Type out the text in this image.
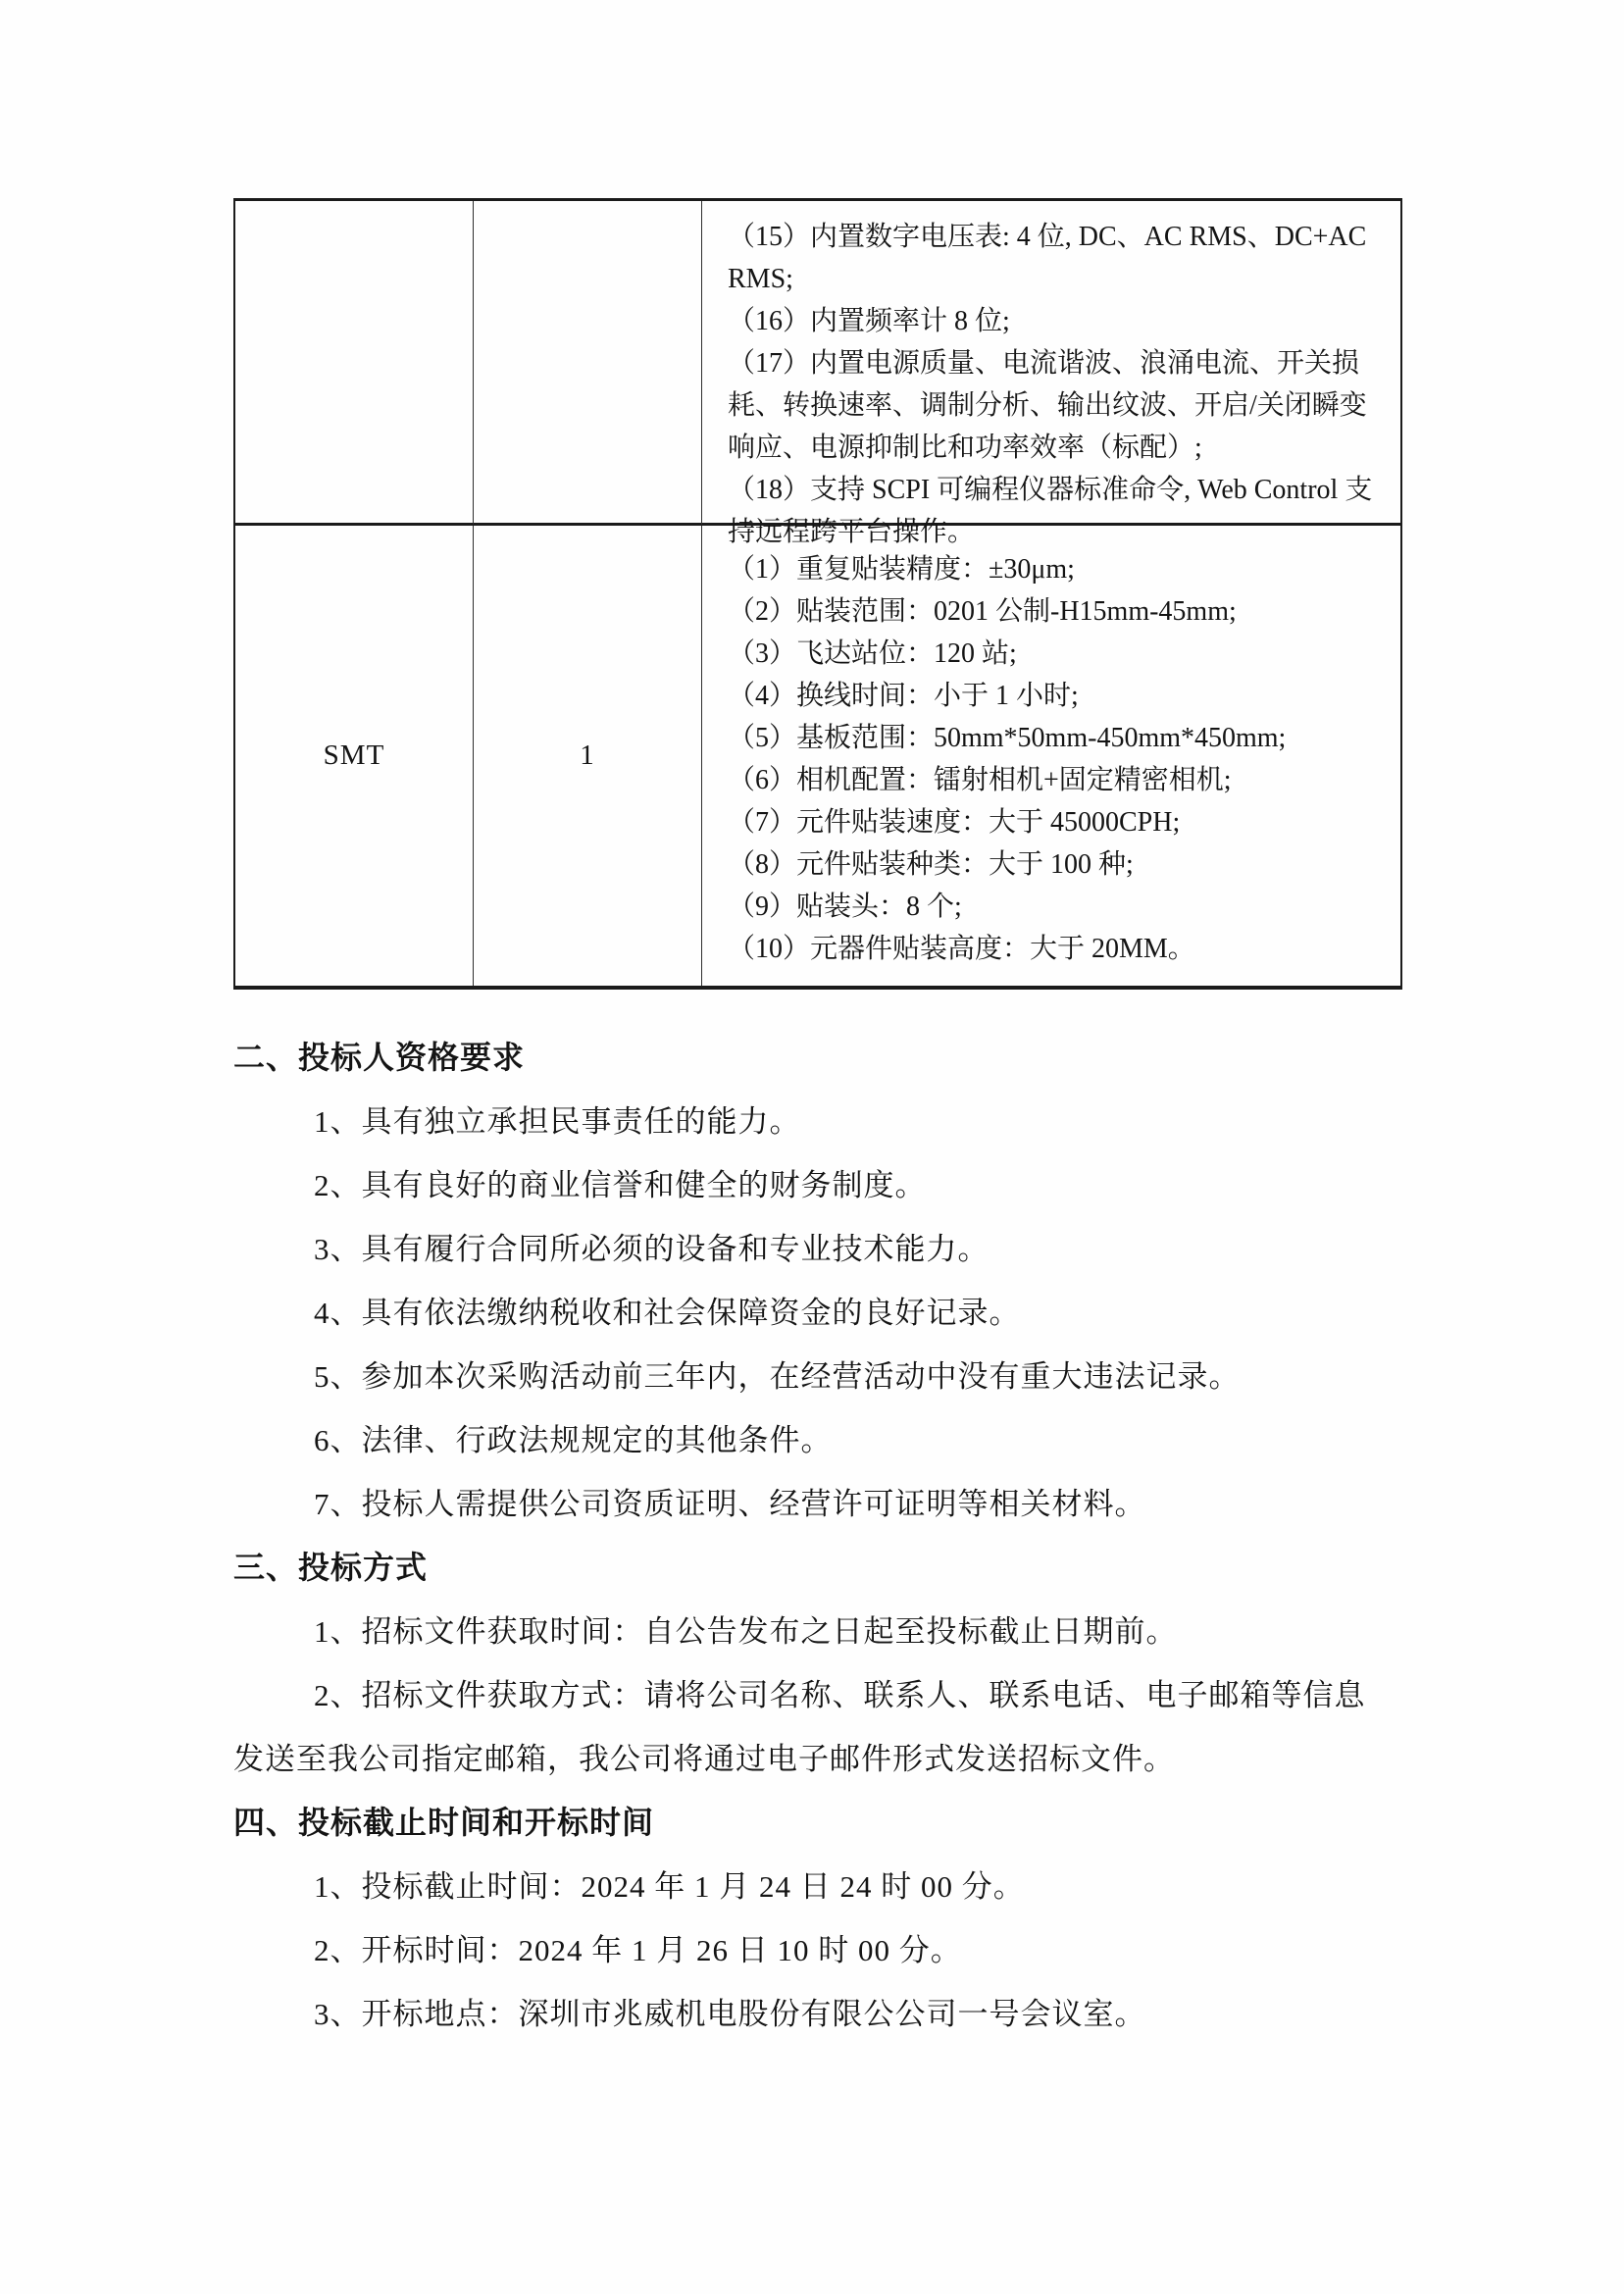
（15）内置数字电压表: 4 位, DC、AC RMS、DC+AC RMS;

（16）内置频率计 8 位;

（17）内置电源质量、电流谐波、浪涌电流、开关损耗、转换速率、调制分析、输出纹波、开启/关闭瞬变响应、电源抑制比和功率效率（标配）;

（18）支持 SCPI 可编程仪器标准命令, Web Control 支持远程跨平台操作。

SMT	1

（1）重复贴装精度：±30μm;

（2）贴装范围：0201 公制-H15mm-45mm;

（3）飞达站位：120 站;

（4）换线时间：小于 1 小时;

（5）基板范围：50mm*50mm-450mm*450mm;

（6）相机配置：镭射相机+固定精密相机;

（7）元件贴装速度：大于 45000CPH;

（8）元件贴装种类：大于 100 种;

（9）贴装头：8 个;

（10）元器件贴装高度：大于 20MM。

二、投标人资格要求

1、具有独立承担民事责任的能力。

2、具有良好的商业信誉和健全的财务制度。

3、具有履行合同所必须的设备和专业技术能力。

4、具有依法缴纳税收和社会保障资金的良好记录。

5、参加本次采购活动前三年内，在经营活动中没有重大违法记录。

6、法律、行政法规规定的其他条件。

7、投标人需提供公司资质证明、经营许可证明等相关材料。

三、投标方式

1、招标文件获取时间：自公告发布之日起至投标截止日期前。

2、招标文件获取方式：请将公司名称、联系人、联系电话、电子邮箱等信息发送至我公司指定邮箱，我公司将通过电子邮件形式发送招标文件。

四、投标截止时间和开标时间

1、投标截止时间：2024 年 1 月 24 日 24 时 00 分。

2、开标时间：2024 年 1 月 26 日 10 时 00 分。

3、开标地点：深圳市兆威机电股份有限公公司一号会议室。
